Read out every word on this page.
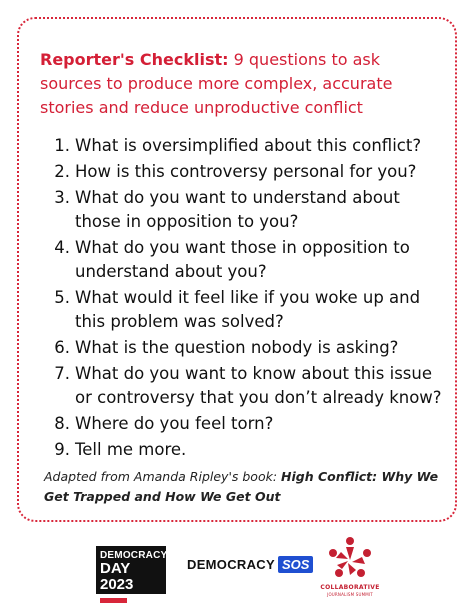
Reporter's Checklist: 9 questions to ask sources to produce more complex, accurate stories and reduce unproductive conflict
1. What is oversimplified about this conflict?
2. How is this controversy personal for you?
3. What do you want to understand about those in opposition to you?
4. What do you want those in opposition to understand about you?
5. What would it feel like if you woke up and this problem was solved?
6. What is the question nobody is asking?
7. What do you want to know about this issue or controversy that you don’t already know?
8. Where do you feel torn?
9. Tell me more.
Adapted from Amanda Ripley's book: High Conflict: Why We Get Trapped and How We Get Out
DEMOCRACY
DAY 2023
Sept. 15, 2023
DEMOCRACY SOS
COLLABORATIVE
JOURNALISM SUMMIT
